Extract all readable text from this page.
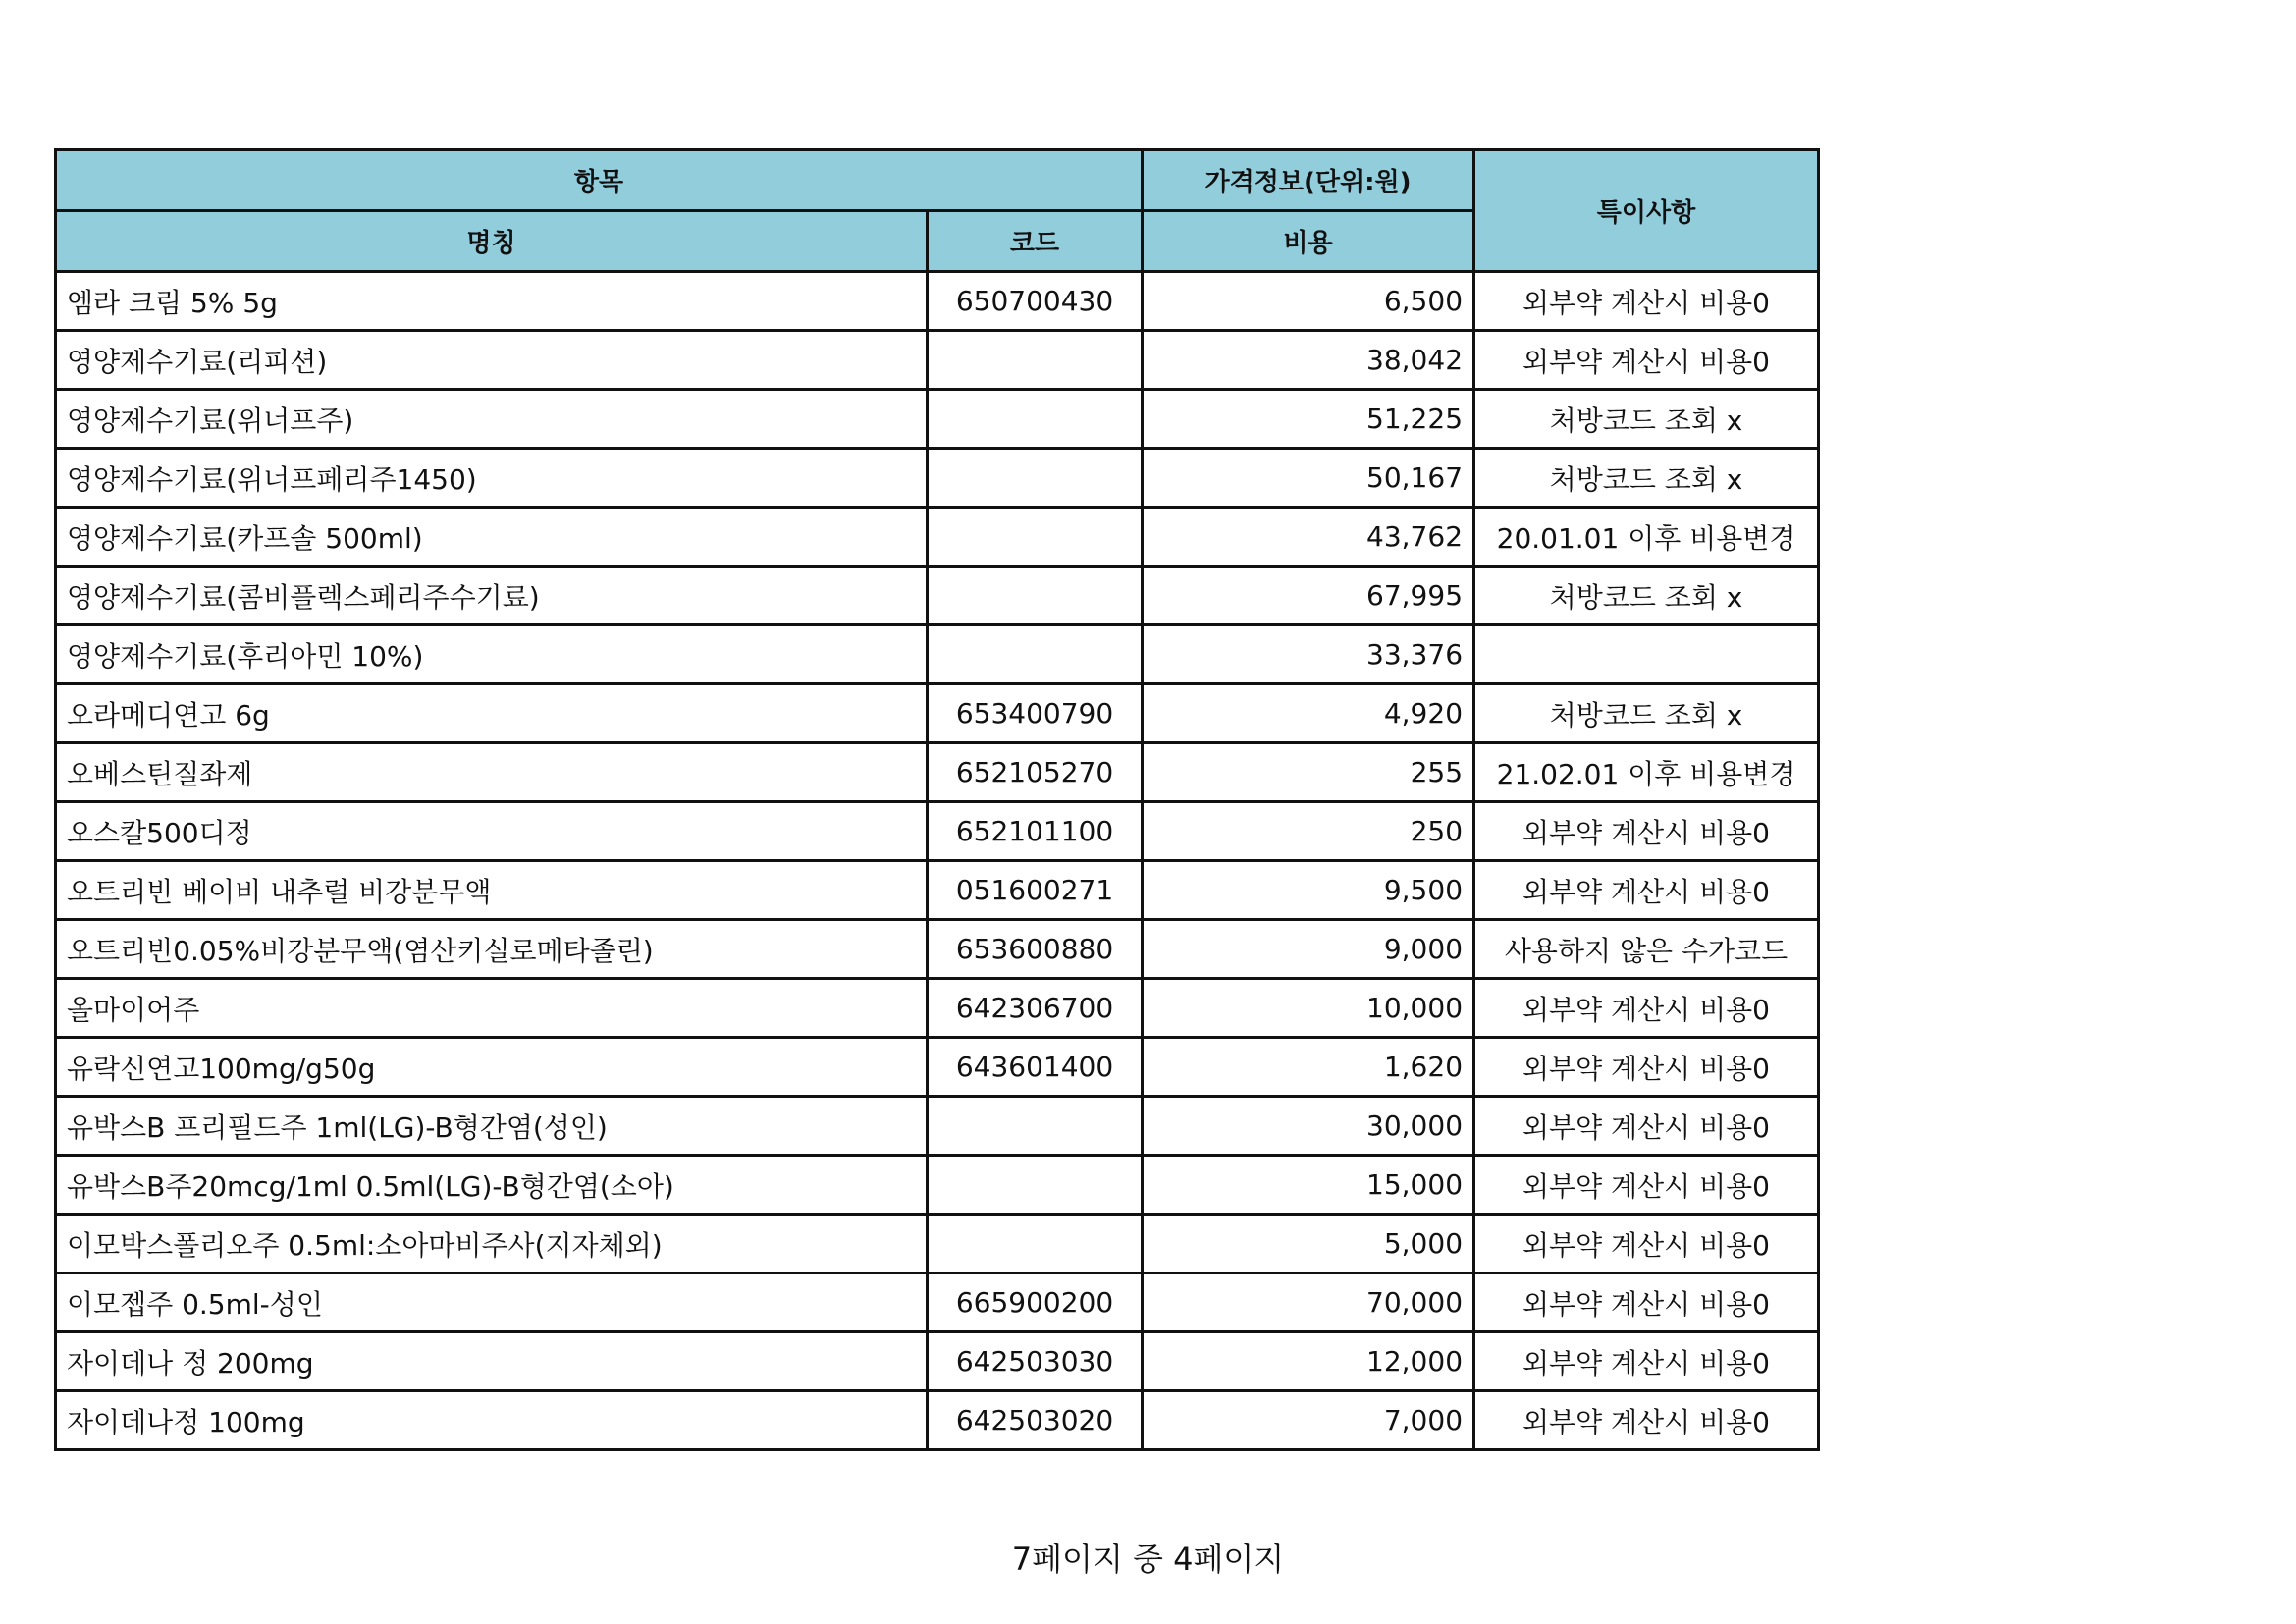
항목		가격정보(단위:원)	특이사항
명칭	코드	비용	
엠라 크림 5% 5g	650700430	6,500	외부약 계산시 비용0
영양제수기료(리피션)		38,042	외부약 계산시 비용0
영양제수기료(위너프주)		51,225	처방코드 조회 x
영양제수기료(위너프페리주1450)		50,167	처방코드 조회 x
영양제수기료(카프솔 500ml)		43,762	20.01.01 이후 비용변경
영양제수기료(콤비플렉스페리주수기료)		67,995	처방코드 조회 x
영양제수기료(후리아민 10%)		33,376	
오라메디연고 6g	653400790	4,920	처방코드 조회 x
오베스틴질좌제	652105270	255	21.02.01 이후 비용변경
오스칼500디정	652101100	250	외부약 계산시 비용0
오트리빈 베이비 내추럴 비강분무액	051600271	9,500	외부약 계산시 비용0
오트리빈0.05%비강분무액(염산키실로메타졸린)	653600880	9,000	사용하지 않은 수가코드
올마이어주	642306700	10,000	외부약 계산시 비용0
유락신연고100mg/g50g	643601400	1,620	외부약 계산시 비용0
유박스B 프리필드주 1ml(LG)-B형간염(성인)		30,000	외부약 계산시 비용0
유박스B주20mcg/1ml 0.5ml(LG)-B형간염(소아)		15,000	외부약 계산시 비용0
이모박스폴리오주 0.5ml:소아마비주사(지자체외)		5,000	외부약 계산시 비용0
이모젭주 0.5ml-성인	665900200	70,000	외부약 계산시 비용0
자이데나 정 200mg	642503030	12,000	외부약 계산시 비용0
자이데나정 100mg	642503020	7,000	외부약 계산시 비용0
7페이지 중 4페이지
